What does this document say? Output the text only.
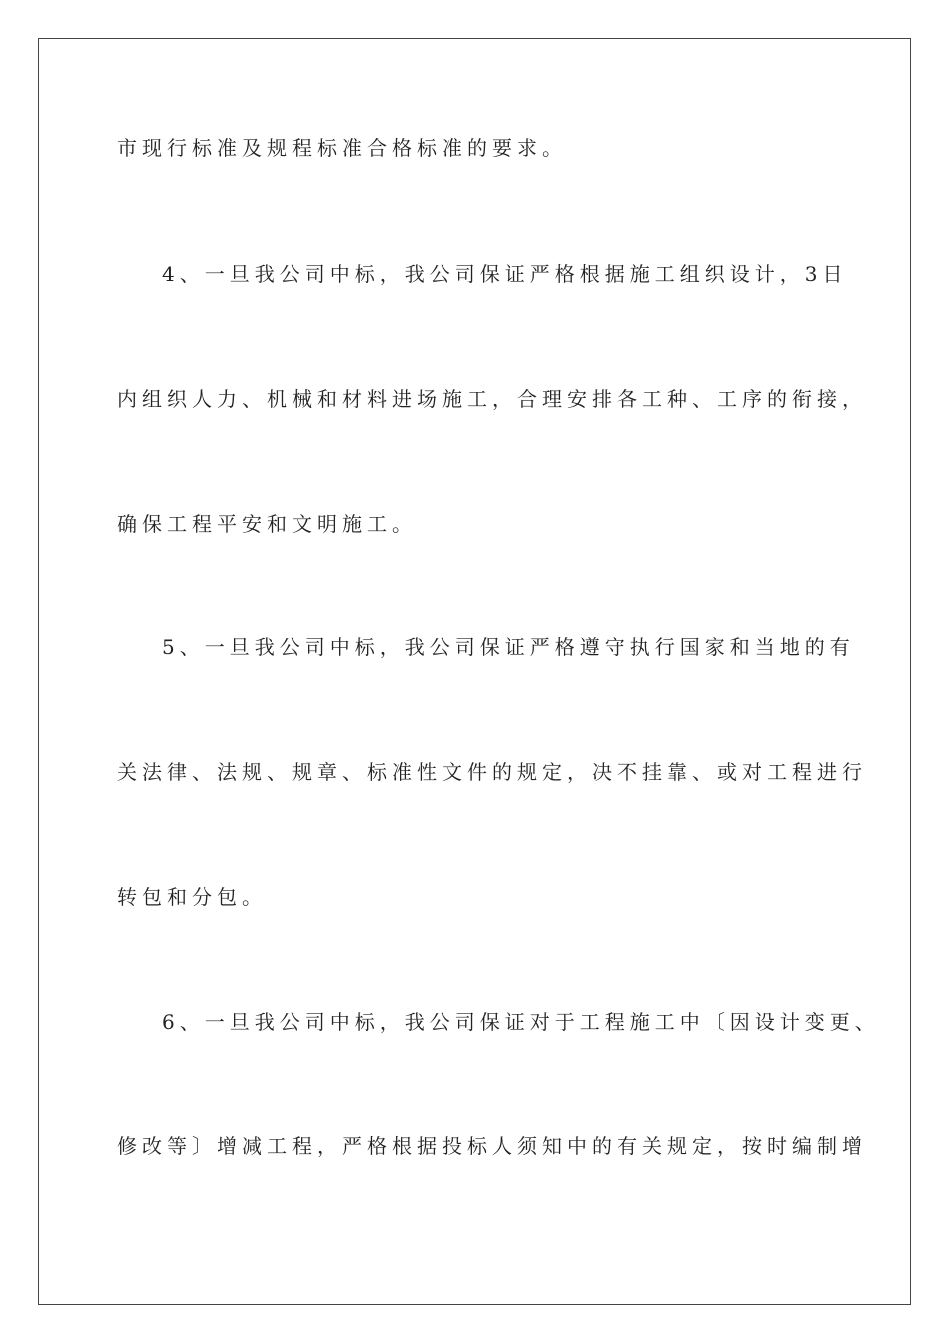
市现行标准及规程标准合格标准的要求。
4、一旦我公司中标，我公司保证严格根据施工组织设计，3日
内组织人力、机械和材料进场施工，合理安排各工种、工序的衔接，
确保工程平安和文明施工。
5、一旦我公司中标，我公司保证严格遵守执行国家和当地的有
关法律、法规、规章、标准性文件的规定，决不挂靠、或对工程进行
转包和分包。
6、一旦我公司中标，我公司保证对于工程施工中〔因设计变更、
修改等〕增减工程，严格根据投标人须知中的有关规定，按时编制增
